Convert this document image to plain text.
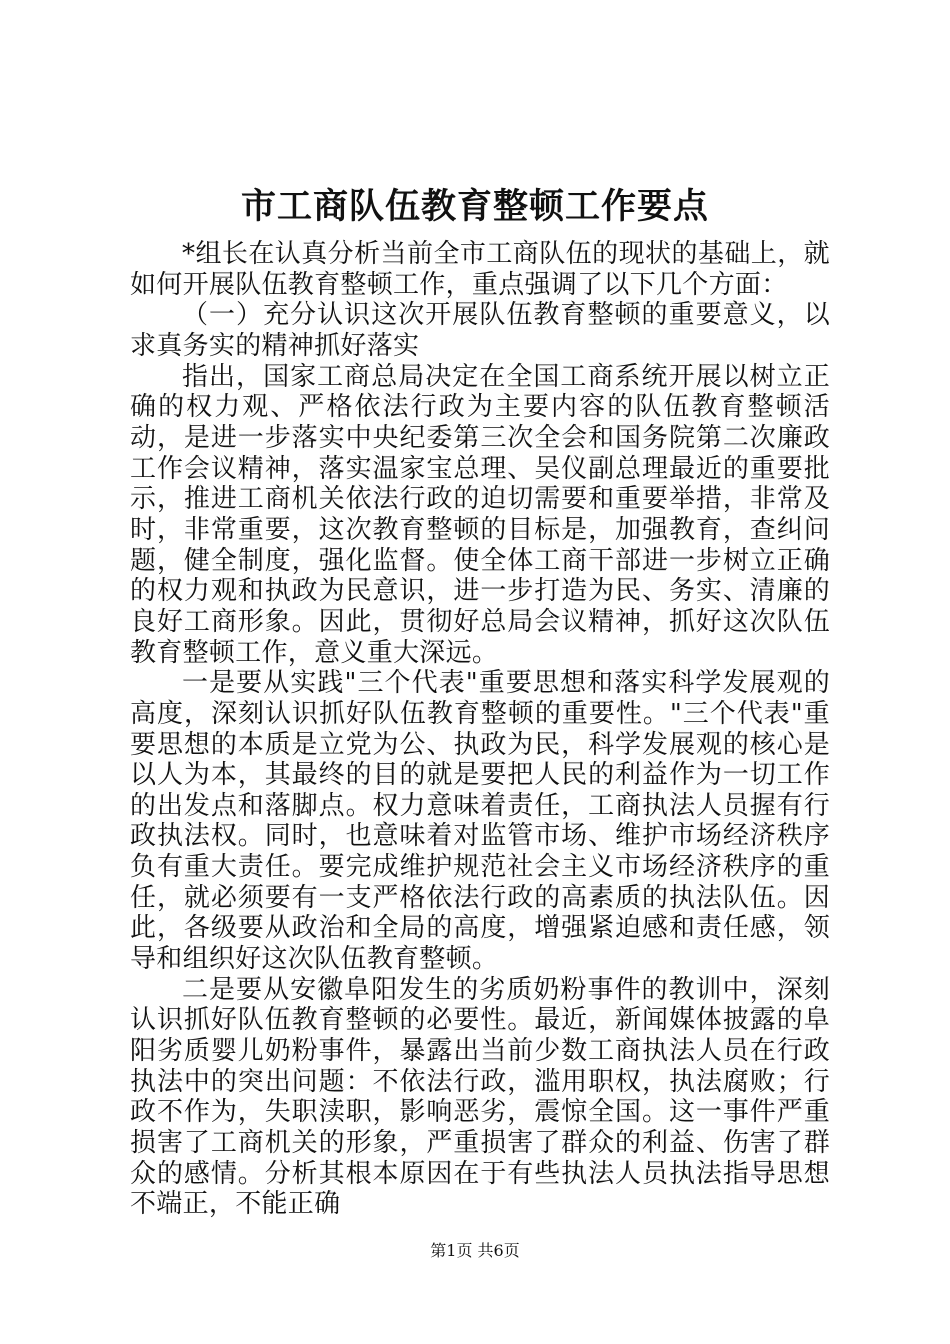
市工商队伍教育整顿工作要点

*组长在认真分析当前全市工商队伍的现状的基础上，就如何开展队伍教育整顿工作，重点强调了以下几个方面：

（一）充分认识这次开展队伍教育整顿的重要意义，以求真务实的精神抓好落实

指出，国家工商总局决定在全国工商系统开展以树立正确的权力观、严格依法行政为主要内容的队伍教育整顿活动，是进一步落实中央纪委第三次全会和国务院第二次廉政工作会议精神，落实温家宝总理、吴仪副总理最近的重要批示，推进工商机关依法行政的迫切需要和重要举措，非常及时，非常重要，这次教育整顿的目标是，加强教育，查纠问题，健全制度，强化监督。使全体工商干部进一步树立正确的权力观和执政为民意识，进一步打造为民、务实、清廉的良好工商形象。因此，贯彻好总局会议精神，抓好这次队伍教育整顿工作，意义重大深远。

一是要从实践"三个代表"重要思想和落实科学发展观的高度，深刻认识抓好队伍教育整顿的重要性。"三个代表"重要思想的本质是立党为公、执政为民，科学发展观的核心是以人为本，其最终的目的就是要把人民的利益作为一切工作的出发点和落脚点。权力意味着责任，工商执法人员握有行政执法权。同时，也意味着对监管市场、维护市场经济秩序负有重大责任。要完成维护规范社会主义市场经济秩序的重任，就必须要有一支严格依法行政的高素质的执法队伍。因此，各级要从政治和全局的高度，增强紧迫感和责任感，领导和组织好这次队伍教育整顿。

二是要从安徽阜阳发生的劣质奶粉事件的教训中，深刻认识抓好队伍教育整顿的必要性。最近，新闻媒体披露的阜阳劣质婴儿奶粉事件，暴露出当前少数工商执法人员在行政执法中的突出问题：不依法行政，滥用职权，执法腐败；行政不作为，失职渎职，影响恶劣，震惊全国。这一事件严重损害了工商机关的形象，严重损害了群众的利益、伤害了群众的感情。分析其根本原因在于有些执法人员执法指导思想不端正，不能正确

第1页 共6页
